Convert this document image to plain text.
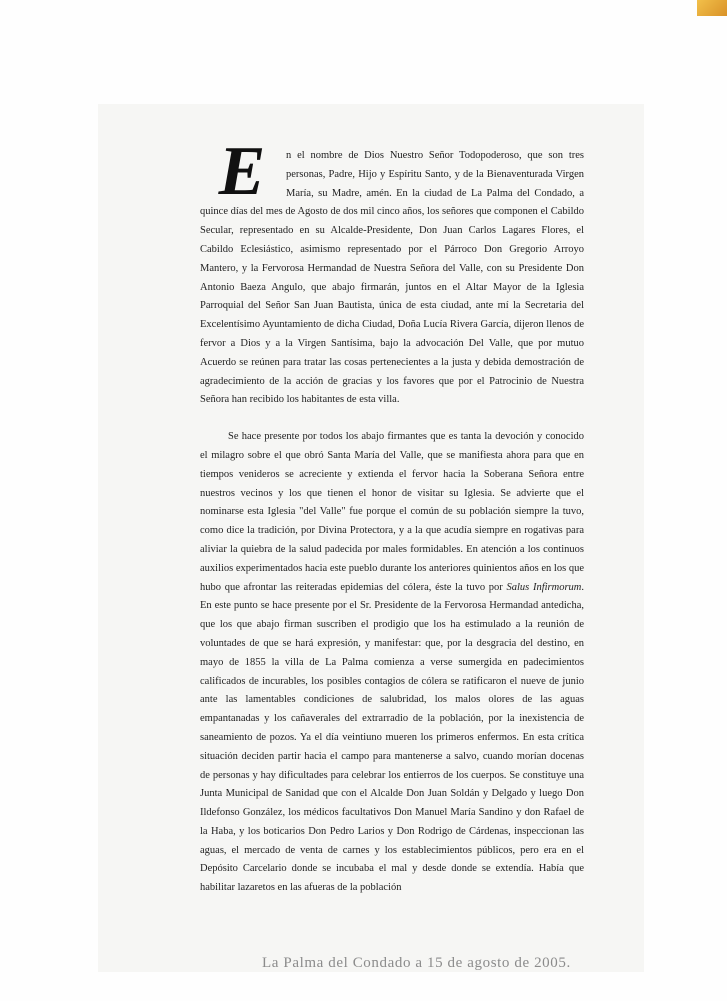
E	n el nombre de Dios Nuestro Señor Todopoderoso, que son tres personas, Padre, Hijo y Espíritu Santo, y de la Bienaventurada Virgen María, su Madre, amén. En la ciudad de La Palma del Condado, a quince días del mes de Agosto de dos mil cinco años, los señores que componen el Cabildo Secular, representado en su Alcalde-Presidente, Don Juan Carlos Lagares Flores, el Cabildo Eclesiástico, asimismo representado por el Párroco Don Gregorio Arroyo Mantero, y la Fervorosa Hermandad de Nuestra Señora del Valle, con su Presidente Don Antonio Baeza Angulo, que abajo firmarán, juntos en el Altar Mayor de la Iglesia Parroquial del Señor San Juan Bautista, única de esta ciudad, ante mí la Secretaria del Excelentísimo Ayuntamiento de dicha Ciudad, Doña Lucía Rivera García, dijeron llenos de fervor a Dios y a la Virgen Santísima, bajo la advocación Del Valle, que por mutuo Acuerdo se reúnen para tratar las cosas pertenecientes a la justa y debida demostración de agradecimiento de la acción de gracias y los favores que por el Patrocinio de Nuestra Señora han recibido los habitantes de esta villa.

Se hace presente por todos los abajo firmantes que es tanta la devoción y conocido el milagro sobre el que obró Santa María del Valle, que se manifiesta ahora para que en tiempos venideros se acreciente y extienda el fervor hacia la Soberana Señora entre nuestros vecinos y los que tienen el honor de visitar su Iglesia. Se advierte que el nominarse esta Iglesia "del Valle" fue porque el común de su población siempre la tuvo, como dice la tradición, por Divina Protectora, y a la que acudía siempre en rogativas para aliviar la quiebra de la salud padecida por males formidables. En atención a los continuos auxilios experimentados hacia este pueblo durante los anteriores quinientos años en los que hubo que afrontar las reiteradas epidemias del cólera, éste la tuvo por Salus Infirmorum. En este punto se hace presente por el Sr. Presidente de la Fervorosa Hermandad antedicha, que los que abajo firman suscriben el prodigio que los ha estimulado a la reunión de voluntades de que se hará expresión, y manifestar: que, por la desgracia del destino, en mayo de 1855 la villa de La Palma comienza a verse sumergida en padecimientos calificados de incurables, los posibles contagios de cólera se ratificaron el nueve de junio ante las lamentables condiciones de salubridad, los malos olores de las aguas empantanadas y los cañaverales del extrarradio de la población, por la inexistencia de saneamiento de pozos. Ya el día veintiuno mueren los primeros enfermos. En esta crítica situación deciden partir hacia el campo para mantenerse a salvo, cuando morían docenas de personas y hay dificultades para celebrar los entierros de los cuerpos. Se constituye una Junta Municipal de Sanidad que con el Alcalde Don Juan Soldán y Delgado y luego Don Ildefonso González, los médicos facultativos Don Manuel María Sandino y don Rafael de la Haba, y los boticarios Don Pedro Larios y Don Rodrigo de Cárdenas, inspeccionan las aguas, el mercado de venta de carnes y los establecimientos públicos, pero era en el Depósito Carcelario donde se incubaba el mal y desde donde se extendía. Había que habilitar lazaretos en las afueras de la población

La Palma del Condado a 15 de agosto de 2005.
